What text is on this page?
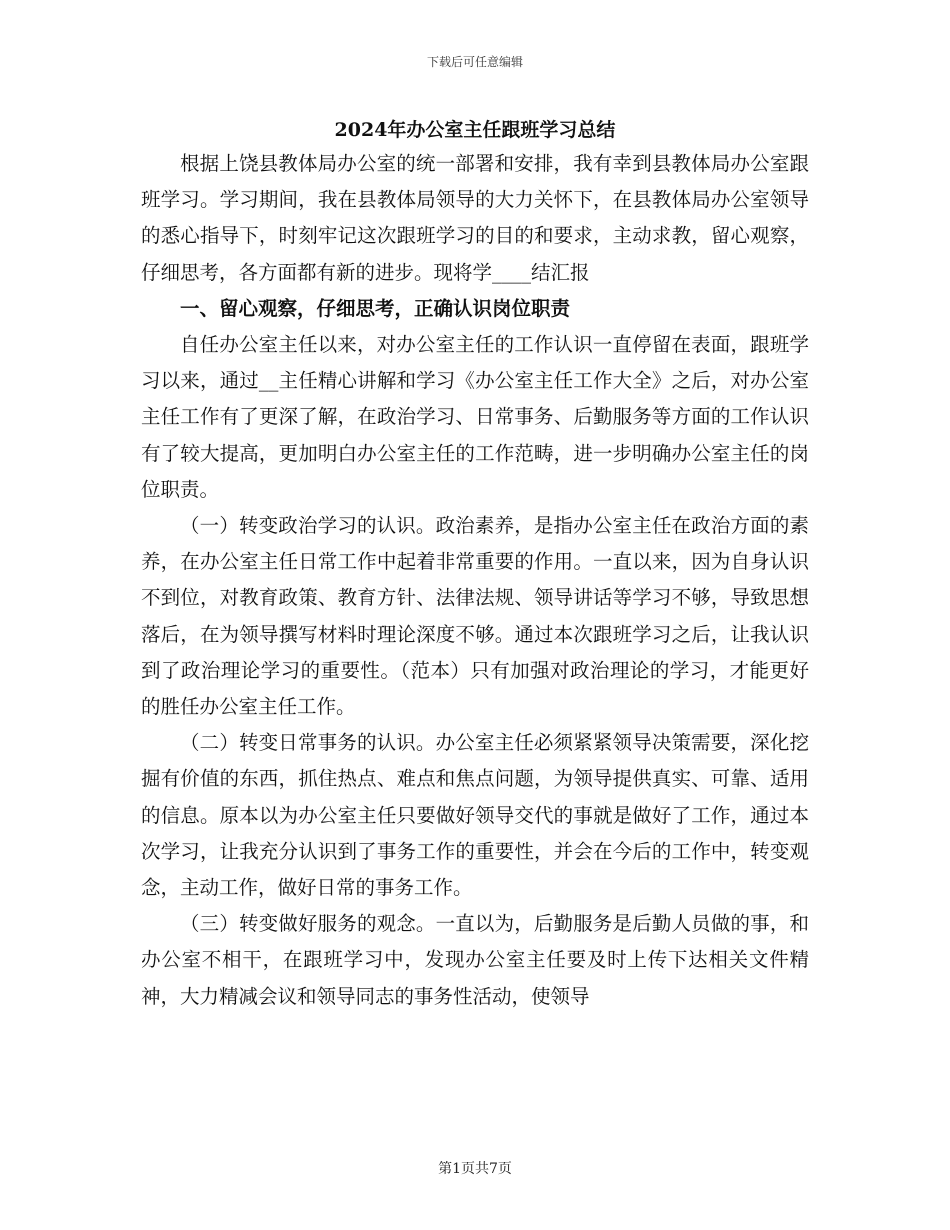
下载后可任意编辑
2024年办公室主任跟班学习总结

根据上饶县教体局办公室的统一部署和安排，我有幸到县教体局办公室跟班学习。学习期间，我在县教体局领导的大力关怀下，在县教体局办公室领导的悉心指导下，时刻牢记这次跟班学习的目的和要求，主动求教，留心观察，仔细思考，各方面都有新的进步。现将学____结汇报

一、留心观察，仔细思考，正确认识岗位职责

自任办公室主任以来，对办公室主任的工作认识一直停留在表面，跟班学习以来，通过__主任精心讲解和学习《办公室主任工作大全》之后，对办公室主任工作有了更深了解，在政治学习、日常事务、后勤服务等方面的工作认识有了较大提高，更加明白办公室主任的工作范畴，进一步明确办公室主任的岗位职责。

（一）转变政治学习的认识。政治素养，是指办公室主任在政治方面的素养，在办公室主任日常工作中起着非常重要的作用。一直以来，因为自身认识不到位，对教育政策、教育方针、法律法规、领导讲话等学习不够，导致思想落后，在为领导撰写材料时理论深度不够。通过本次跟班学习之后，让我认识到了政治理论学习的重要性。（范本）只有加强对政治理论的学习，才能更好的胜任办公室主任工作。

（二）转变日常事务的认识。办公室主任必须紧紧领导决策需要，深化挖掘有价值的东西，抓住热点、难点和焦点问题，为领导提供真实、可靠、适用的信息。原本以为办公室主任只要做好领导交代的事就是做好了工作，通过本次学习，让我充分认识到了事务工作的重要性，并会在今后的工作中，转变观念，主动工作，做好日常的事务工作。

（三）转变做好服务的观念。一直以为，后勤服务是后勤人员做的事，和办公室不相干，在跟班学习中，发现办公室主任要及时上传下达相关文件精神，大力精减会议和领导同志的事务性活动，使领导

第1页共7页
